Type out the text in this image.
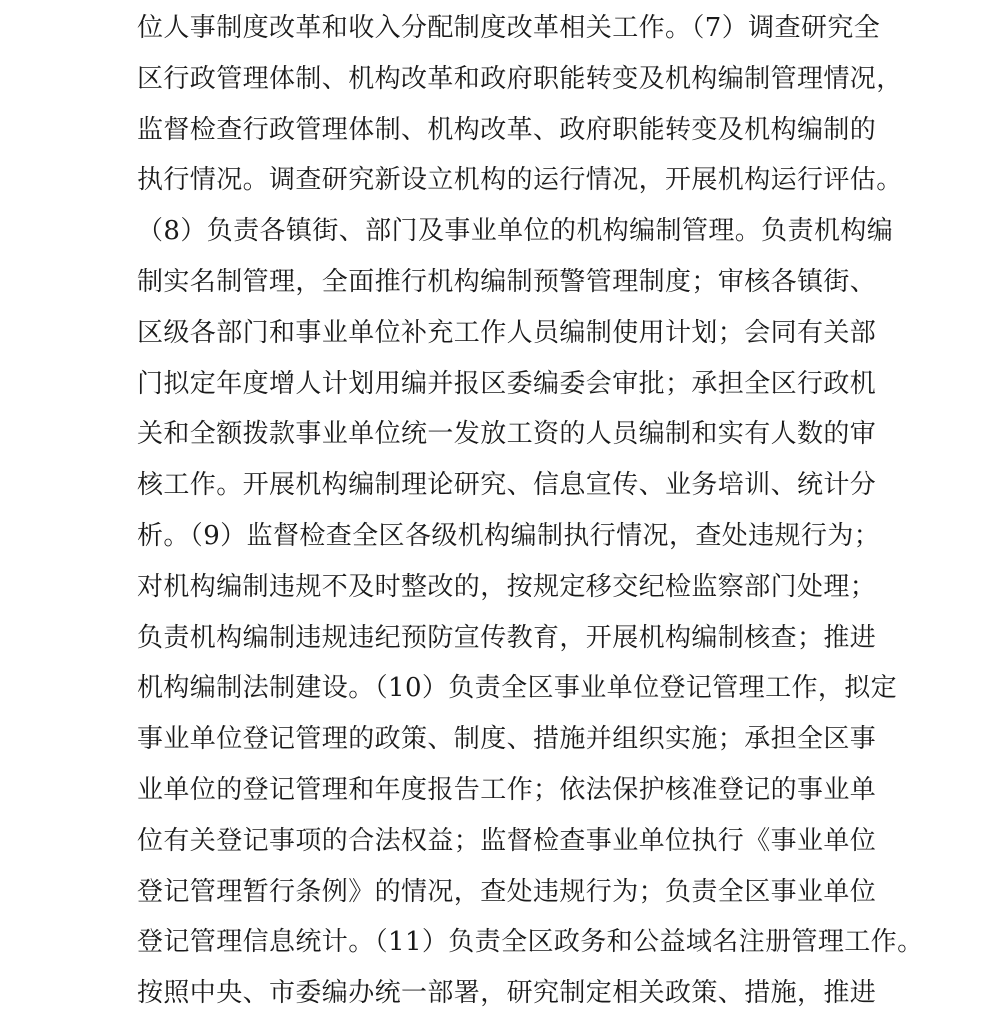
位人事制度改革和收入分配制度改革相关工作。（7）调查研究全
区行政管理体制、机构改革和政府职能转变及机构编制管理情况，
监督检查行政管理体制、机构改革、政府职能转变及机构编制的
执行情况。调查研究新设立机构的运行情况，开展机构运行评估。
（8）负责各镇街、部门及事业单位的机构编制管理。负责机构编
制实名制管理，全面推行机构编制预警管理制度；审核各镇街、
区级各部门和事业单位补充工作人员编制使用计划；会同有关部
门拟定年度增人计划用编并报区委编委会审批；承担全区行政机
关和全额拨款事业单位统一发放工资的人员编制和实有人数的审
核工作。开展机构编制理论研究、信息宣传、业务培训、统计分
析。（9）监督检查全区各级机构编制执行情况，查处违规行为；
对机构编制违规不及时整改的，按规定移交纪检监察部门处理；
负责机构编制违规违纪预防宣传教育，开展机构编制核查；推进
机构编制法制建设。（10）负责全区事业单位登记管理工作，拟定
事业单位登记管理的政策、制度、措施并组织实施；承担全区事
业单位的登记管理和年度报告工作；依法保护核准登记的事业单
位有关登记事项的合法权益；监督检查事业单位执行《事业单位
登记管理暂行条例》的情况，查处违规行为；负责全区事业单位
登记管理信息统计。（11）负责全区政务和公益域名注册管理工作。
按照中央、市委编办统一部署，研究制定相关政策、措施，推进
